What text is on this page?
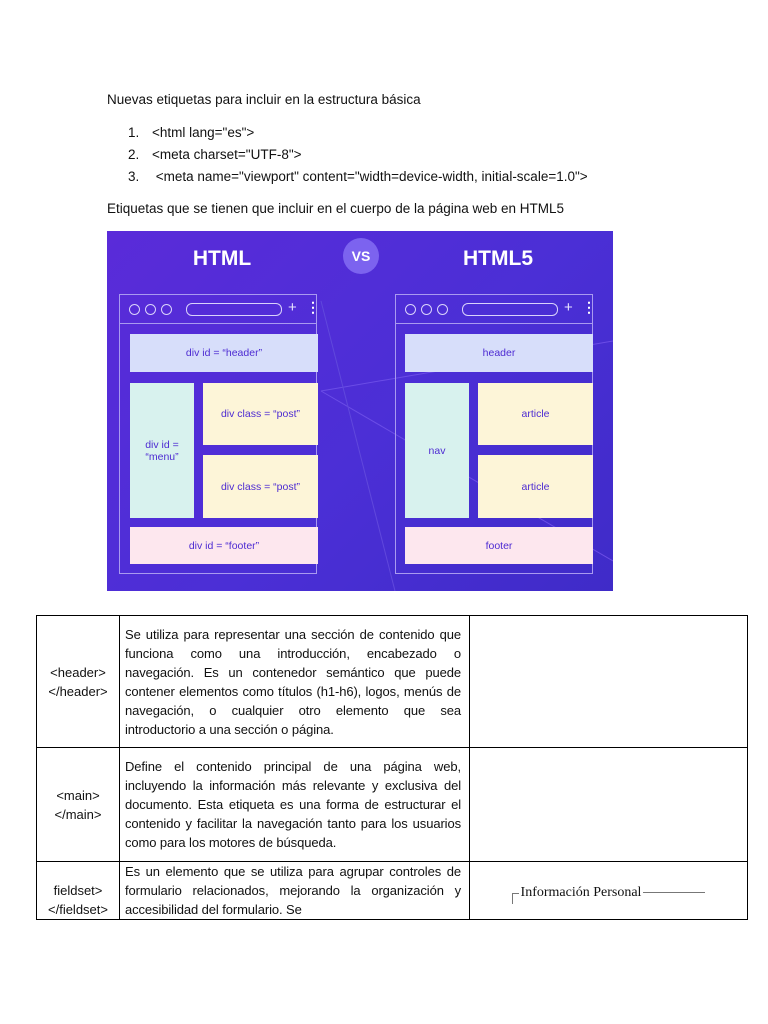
Nuevas etiquetas para incluir en la estructura básica

1. <html lang="es">
2. <meta charset="UTF-8">
3. <meta name="viewport" content="width=device-width, initial-scale=1.0">

Etiquetas que se tienen que incluir en el cuerpo de la página web en HTML5

HTML	VS	HTML5
+ ⋮
div id = “header”
div id = “menu”
div class = “post”
div class = “post”
div id = “footer”
+ ⋮
header
nav
article
article
footer
<header>
</header>	Se utiliza para representar una sección de contenido que funciona como una introducción, encabezado o navegación. Es un contenedor semántico que puede contener elementos como títulos (h1-h6), logos, menús de navegación, o cualquier otro elemento que sea introductorio a una sección o página.	

<main>
</main>	Define el contenido principal de una página web, incluyendo la información más relevante y exclusiva del documento. Esta etiqueta es una forma de estructurar el contenido y facilitar la navegación tanto para los usuarios como para los motores de búsqueda.	

fieldset>
</fieldset>	Es un elemento que se utiliza para agrupar controles de formulario relacionados, mejorando la organización y accesibilidad del formulario. Se	Información Personal
